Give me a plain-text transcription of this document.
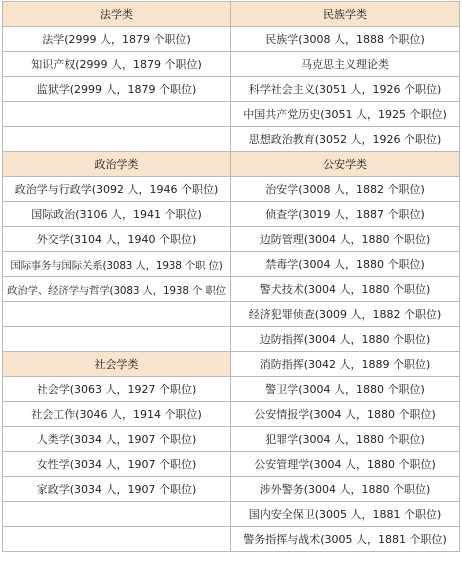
法学类
法学(2999 人，1879 个职位)
知识产权(2999 人，1879 个职位)
监狱学(2999 人，1879 个职位)
政治学类
政治学与行政学(3092 人，1946 个职位)
国际政治(3106 人，1941 个职位)
外交学(3104 人，1940 个职位)
国际事务与国际关系(3083 人，1938 个职 位)
政治学、经济学与哲学(3083 人，1938 个 职位
社会学类
社会学(3063 人，1927 个职位)
社会工作(3046 人，1914 个职位)
人类学(3034 人，1907 个职位)
女性学(3034 人，1907 个职位)
家政学(3034 人，1907 个职位)
民族学类
民族学(3008 人，1888 个职位)
马克思主义理论类
科学社会主义(3051 人，1926 个职位)
中国共产党历史(3051 人，1925 个职位)
思想政治教育(3052 人，1926 个职位)
公安学类
治安学(3008 人，1882 个职位)
侦查学(3019 人，1887 个职位)
边防管理(3004 人，1880 个职位)
禁毒学(3004 人，1880 个职位)
警犬技术(3004 人，1880 个职位)
经济犯罪侦查(3009 人，1882 个职位)
边防指挥(3004 人，1880 个职位)
消防指挥(3042 人，1889 个职位)
警卫学(3004 人，1880 个职位)
公安情报学(3004 人，1880 个职位)
犯罪学(3004 人，1880 个职位)
公安管理学(3004 人，1880 个职位)
涉外警务(3004 人，1880 个职位)
国内安全保卫(3005 人，1881 个职位)
警务指挥与战术(3005 人，1881 个职位)
